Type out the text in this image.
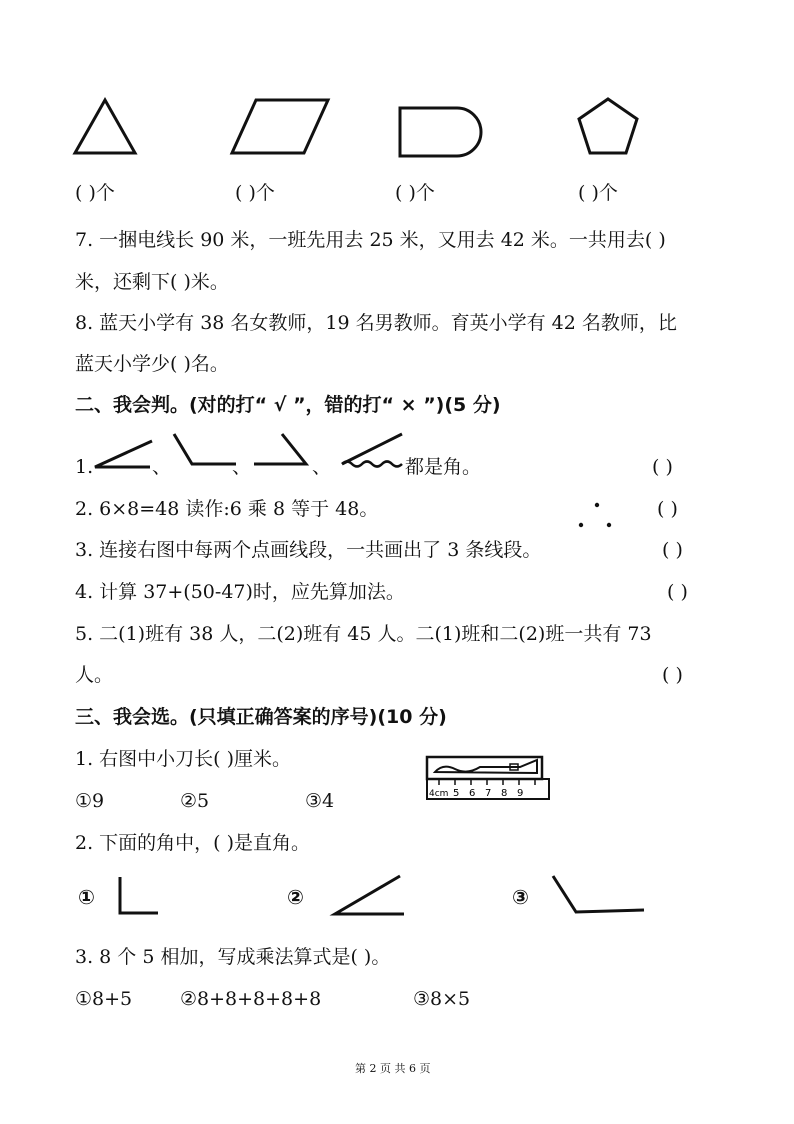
( )个	( )个	( )个	( )个
7. 一捆电线长 90 米，一班先用去 25 米，又用去 42 米。一共用去( )
米，还剩下( )米。
8. 蓝天小学有 38 名女教师，19 名男教师。育英小学有 42 名教师，比
蓝天小学少( )名。
二、我会判。(对的打“ √ ”，错的打“ × ”)(5 分)
1.	、	、	、	都是角。	( )
2. 6×8=48 读作:6 乘 8 等于 48。	( )
3. 连接右图中每两个点画线段，一共画出了 3 条线段。	( )
4. 计算 37+(50-47)时，应先算加法。	( )
5. 二(1)班有 38 人，二(2)班有 45 人。二(1)班和二(2)班一共有 73
人。	( )
三、我会选。(只填正确答案的序号)(10 分)
1. 右图中小刀长( )厘米。
4cm 5 6 7 8 9
①9	②5	③4
2. 下面的角中，( )是直角。
①	②	③
3. 8 个 5 相加，写成乘法算式是( )。
①8+5	②8+8+8+8+8	③8×5
第 2 页 共 6 页
